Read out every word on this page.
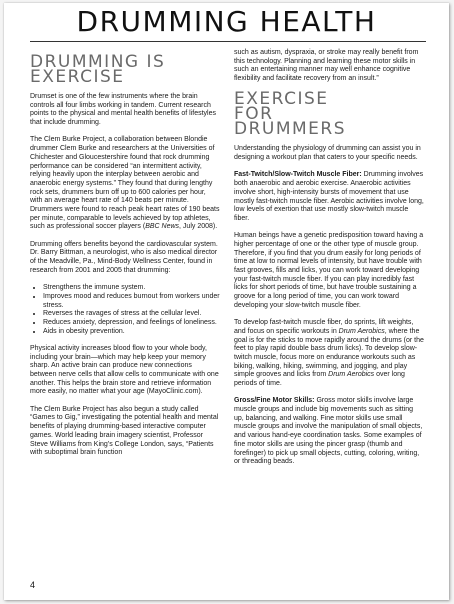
DRUMMING HEALTH
DRUMMING IS
EXERCISE

Drumset is one of the few instruments where the brain controls all four limbs working in tandem. Current research points to the physical and mental health benefits of lifestyles that include drumming.

The Clem Burke Project, a collaboration between Blondie drummer Clem Burke and researchers at the Universities of Chichester and Gloucestershire found that rock drumming performance can be considered “an intermittent activity, relying heavily upon the interplay between aerobic and anaerobic energy systems.” They found that during lengthy rock sets, drummers burn off up to 600 calories per hour, with an average heart rate of 140 beats per minute. Drummers were found to reach peak heart rates of 190 beats per minute, comparable to levels achieved by top athletes, such as professional soccer players (BBC News, July 2008).

Drumming offers benefits beyond the cardiovascular system. Dr. Barry Bittman, a neurologist, who is also medical director of the Meadville, Pa., Mind-Body Wellness Center, found in research from 2001 and 2005 that drumming:

• Strengthens the immune system.
• Improves mood and reduces burnout from workers under stress.
• Reverses the ravages of stress at the cellular level.
• Reduces anxiety, depression, and feelings of loneliness.
• Aids in obesity prevention.

Physical activity increases blood flow to your whole body, including your brain—which may help keep your memory sharp. An active brain can produce new connections between nerve cells that allow cells to communicate with one another. This helps the brain store and retrieve information more easily, no matter what your age (MayoClinic.com).

The Clem Burke Project has also begun a study called “Games to Gig,” investigating the potential health and mental benefits of playing drumming-based interactive computer games. World leading brain imagery scientist, Professor Steve Williams from King’s College London, says, “Patients with suboptimal brain function

such as autism, dyspraxia, or stroke may really benefit from this technology. Planning and learning these motor skills in such an entertaining manner may well enhance cognitive flexibility and facilitate recovery from an insult.”

EXERCISE
FOR
DRUMMERS

Understanding the physiology of drumming can assist you in designing a workout plan that caters to your specific needs.

Fast-Twitch/Slow-Twitch Muscle Fiber: Drumming involves both anaerobic and aerobic exercise. Anaerobic activities involve short, high-intensity bursts of movement that use mostly fast-twitch muscle fiber. Aerobic activities involve long, low levels of exertion that use mostly slow-twitch muscle fiber.

Human beings have a genetic predisposition toward having a higher percentage of one or the other type of muscle group. Therefore, if you find that you drum easily for long periods of time at low to normal levels of intensity, but have trouble with fast grooves, fills and licks, you can work toward developing your fast-twitch muscle fiber. If you can play incredibly fast licks for short periods of time, but have trouble sustaining a groove for a long period of time, you can work toward developing your slow-twitch muscle fiber.

To develop fast-twitch muscle fiber, do sprints, lift weights, and focus on specific workouts in Drum Aerobics, where the goal is for the sticks to move rapidly around the drums (or the feet to play rapid double bass drum licks). To develop slow-twitch muscle, focus more on endurance workouts such as biking, walking, hiking, swimming, and jogging, and play simple grooves and licks from Drum Aerobics over long periods of time.

Gross/Fine Motor Skills: Gross motor skills involve large muscle groups and include big movements such as sitting up, balancing, and walking. Fine motor skills use small muscle groups and involve the manipulation of small objects, and various hand-eye coordination tasks. Some examples of fine motor skills are using the pincer grasp (thumb and forefinger) to pick up small objects, cutting, coloring, writing, or threading beads.

4
